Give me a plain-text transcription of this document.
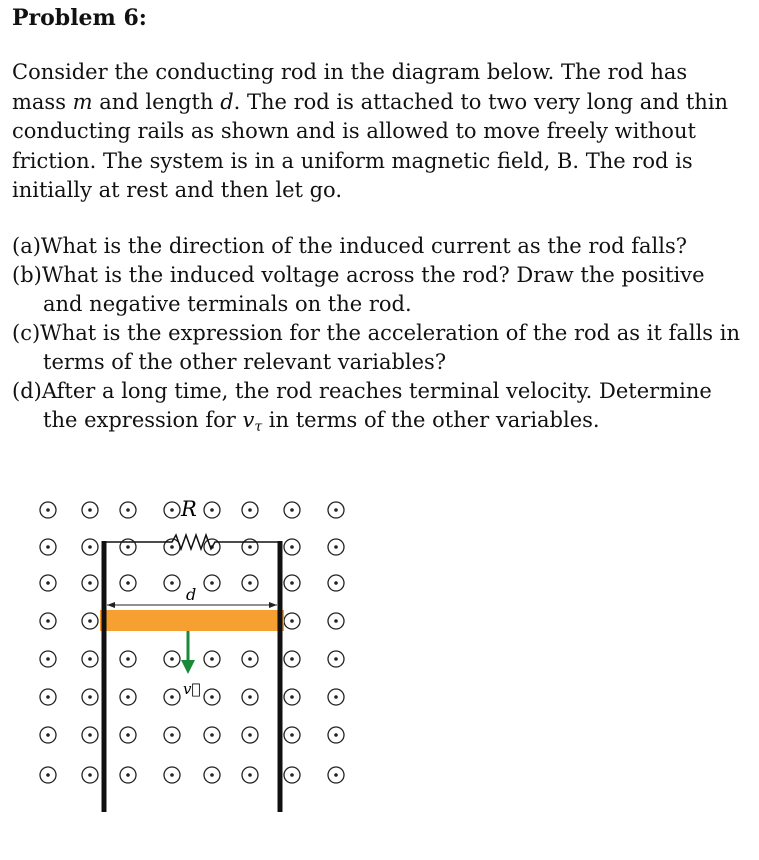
Problem 6:

Consider the conducting rod in the diagram below. The rod has mass m and length d. The rod is attached to two very long and thin conducting rails as shown and is allowed to move freely without friction. The system is in a uniform magnetic field, B. The rod is initially at rest and then let go.

(a)What is the direction of the induced current as the rod falls?
(b)What is the induced voltage across the rod? Draw the positive and negative terminals on the rod.
(c)What is the expression for the acceleration of the rod as it falls in terms of the other relevant variables?
(d)After a long time, the rod reaches terminal velocity. Determine the expression for $v_\tau$ in terms of the other variables.
R
d
v⃗
